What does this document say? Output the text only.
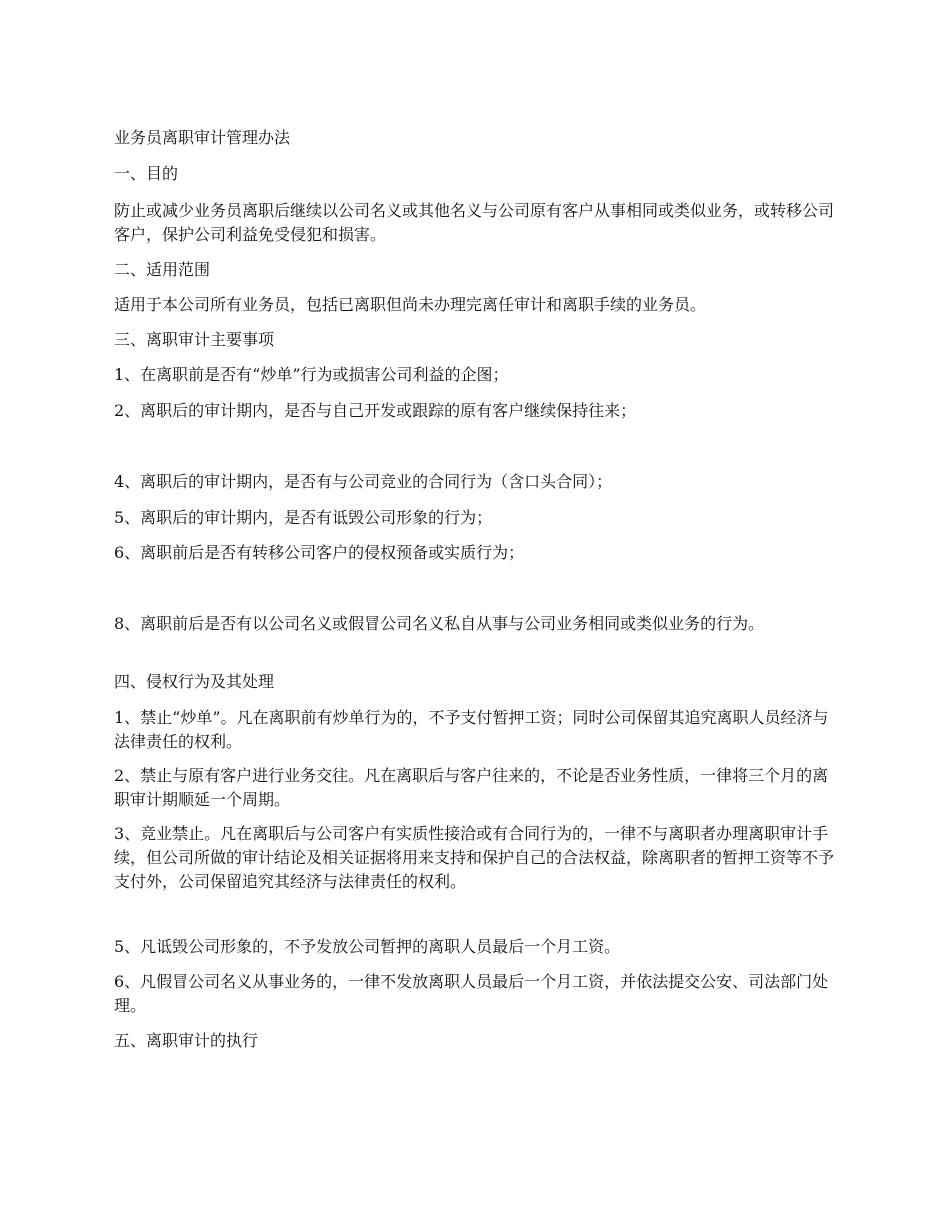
业务员离职审计管理办法

一、目的

防止或减少业务员离职后继续以公司名义或其他名义与公司原有客户从事相同或类似业务，或转移公司客户，保护公司利益免受侵犯和损害。

二、适用范围

适用于本公司所有业务员，包括已离职但尚未办理完离任审计和离职手续的业务员。

三、离职审计主要事项

1、在离职前是否有“炒单”行为或损害公司利益的企图；

2、离职后的审计期内，是否与自己开发或跟踪的原有客户继续保持往来；

4、离职后的审计期内，是否有与公司竞业的合同行为（含口头合同）；

5、离职后的审计期内，是否有诋毁公司形象的行为；

6、离职前后是否有转移公司客户的侵权预备或实质行为；

8、离职前后是否有以公司名义或假冒公司名义私自从事与公司业务相同或类似业务的行为。

四、侵权行为及其处理

1、禁止“炒单”。凡在离职前有炒单行为的，不予支付暂押工资；同时公司保留其追究离职人员经济与法律责任的权利。

2、禁止与原有客户进行业务交往。凡在离职后与客户往来的，不论是否业务性质，一律将三个月的离职审计期顺延一个周期。

3、竞业禁止。凡在离职后与公司客户有实质性接洽或有合同行为的，一律不与离职者办理离职审计手续，但公司所做的审计结论及相关证据将用来支持和保护自己的合法权益，除离职者的暂押工资等不予支付外，公司保留追究其经济与法律责任的权利。

5、凡诋毁公司形象的，不予发放公司暂押的离职人员最后一个月工资。

6、凡假冒公司名义从事业务的，一律不发放离职人员最后一个月工资，并依法提交公安、司法部门处理。

五、离职审计的执行
